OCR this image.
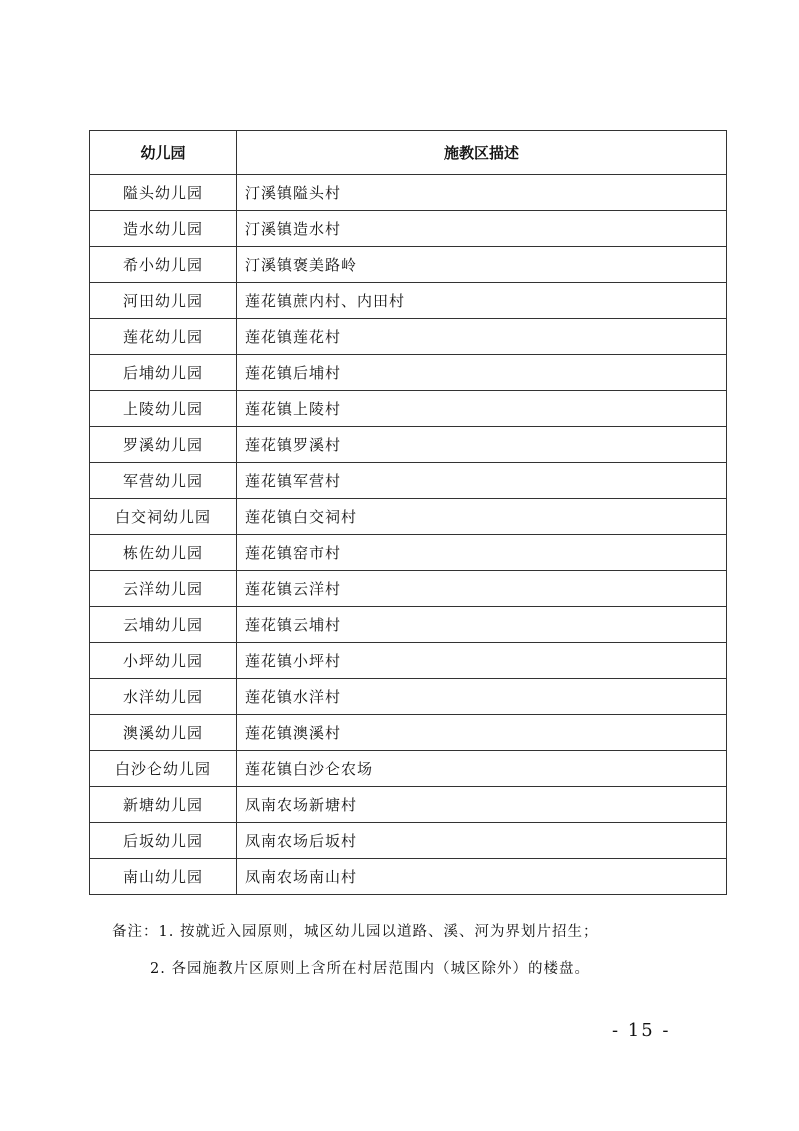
幼儿园	施教区描述
隘头幼儿园	汀溪镇隘头村
造水幼儿园	汀溪镇造水村
希小幼儿园	汀溪镇褒美路岭
河田幼儿园	莲花镇蔗内村、内田村
莲花幼儿园	莲花镇莲花村
后埔幼儿园	莲花镇后埔村
上陵幼儿园	莲花镇上陵村
罗溪幼儿园	莲花镇罗溪村
军营幼儿园	莲花镇军营村
白交祠幼儿园	莲花镇白交祠村
栋佐幼儿园	莲花镇窑市村
云洋幼儿园	莲花镇云洋村
云埔幼儿园	莲花镇云埔村
小坪幼儿园	莲花镇小坪村
水洋幼儿园	莲花镇水洋村
澳溪幼儿园	莲花镇澳溪村
白沙仑幼儿园	莲花镇白沙仑农场
新塘幼儿园	凤南农场新塘村
后坂幼儿园	凤南农场后坂村
南山幼儿园	凤南农场南山村
备注：1. 按就近入园原则，城区幼儿园以道路、溪、河为界划片招生；
2. 各园施教片区原则上含所在村居范围内（城区除外）的楼盘。
- 15 -
